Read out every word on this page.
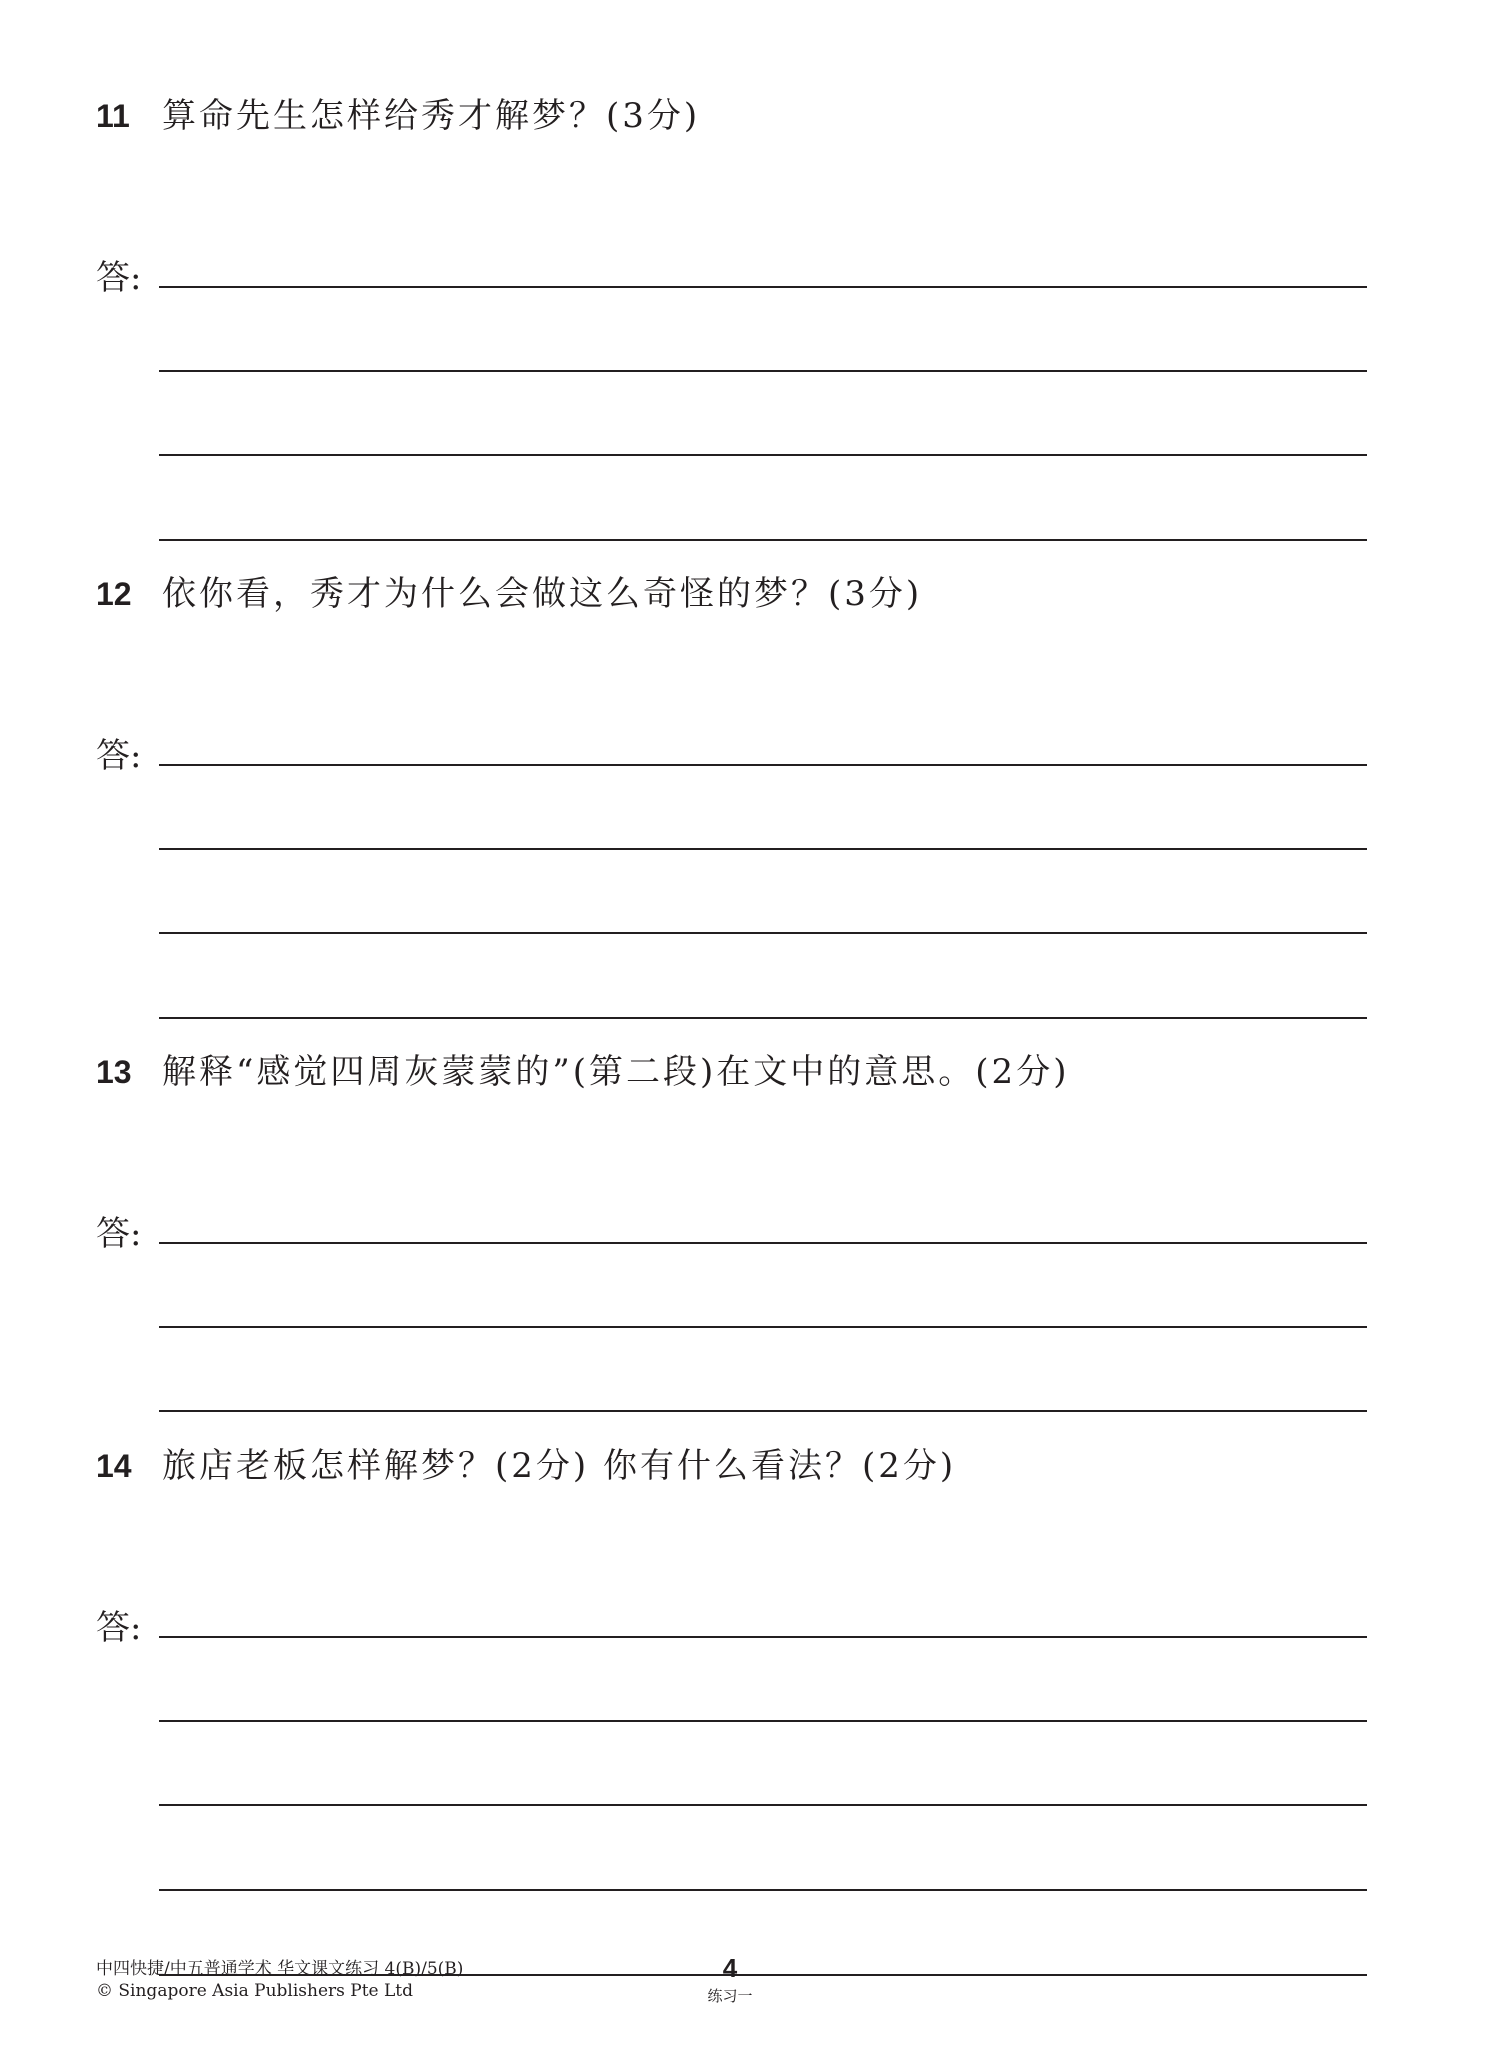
11 算命先生怎样给秀才解梦？(3分)
答:
12 依你看，秀才为什么会做这么奇怪的梦？(3分)
答:
13 解释“感觉四周灰蒙蒙的”(第二段)在文中的意思。(2分)
答:
14 旅店老板怎样解梦？(2分) 你有什么看法？(2分)
答:
中四快捷/中五普通学术 华文课文练习 4(B)/5(B)
© Singapore Asia Publishers Pte Ltd
4
练习一
